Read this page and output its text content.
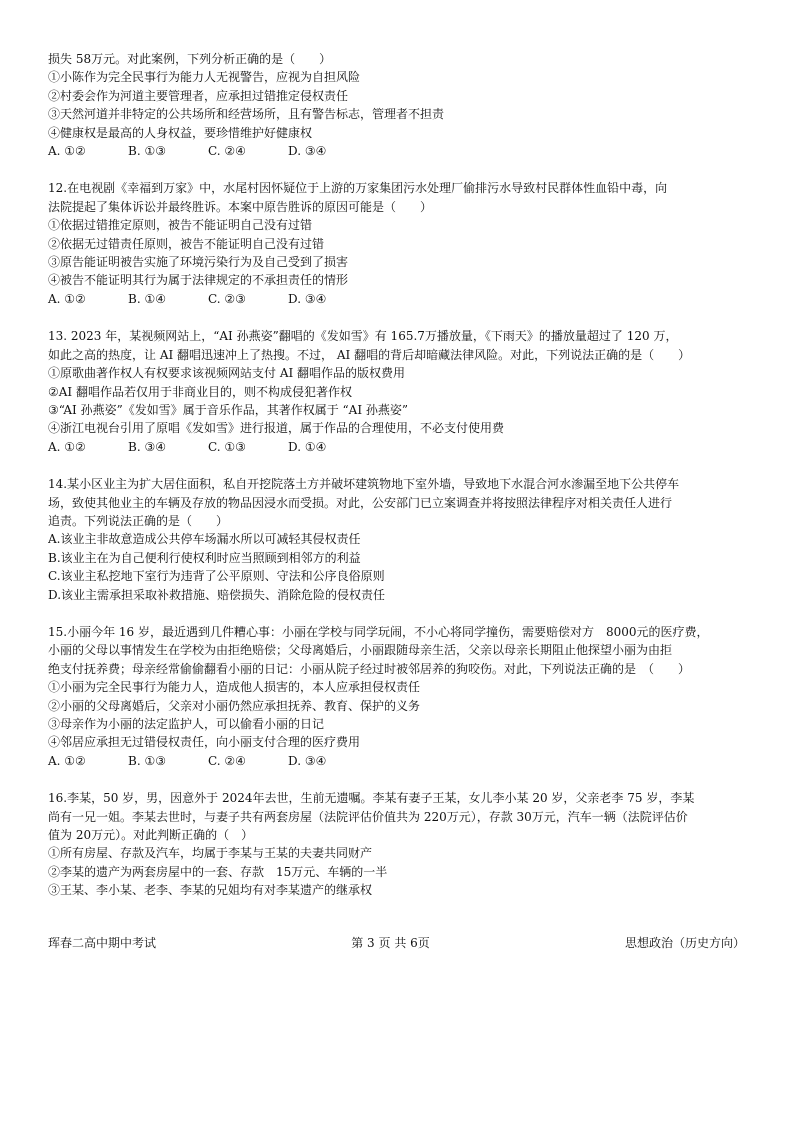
损失 58万元。对此案例，下列分析正确的是（　　）
①小陈作为完全民事行为能力人无视警告，应视为自担风险
②村委会作为河道主要管理者，应承担过错推定侵权责任
③天然河道并非特定的公共场所和经营场所，且有警告标志，管理者不担责
④健康权是最高的人身权益，要珍惜维护好健康权
A. ①②	B. ①③	C. ②④	D. ③④
12.在电视剧《幸福到万家》中，水尾村因怀疑位于上游的万家集团污水处理厂偷排污水导致村民群体性血铅中毒，向
法院提起了集体诉讼并最终胜诉。本案中原告胜诉的原因可能是（　　）
①依据过错推定原则，被告不能证明自己没有过错
②依据无过错责任原则，被告不能证明自己没有过错
③原告能证明被告实施了环境污染行为及自己受到了损害
④被告不能证明其行为属于法律规定的不承担责任的情形
A. ①②	B. ①④	C. ②③	D. ③④
13. 2023 年，某视频网站上，“AI 孙燕姿”翻唱的《发如雪》有 165.7万播放量，《下雨天》的播放量超过了 120 万，
如此之高的热度，让 AI 翻唱迅速冲上了热搜。不过， AI 翻唱的背后却暗藏法律风险。对此，下列说法正确的是（　　）
①原歌曲著作权人有权要求该视频网站支付 AI 翻唱作品的版权费用
②AI 翻唱作品若仅用于非商业目的，则不构成侵犯著作权
③“AI 孙燕姿”《发如雪》属于音乐作品，其著作权属于 “AI 孙燕姿”
④浙江电视台引用了原唱《发如雪》进行报道，属于作品的合理使用，不必支付使用费
A. ①②	B. ③④	C. ①③	D. ①④
14.某小区业主为扩大居住面积，私自开挖院落土方并破坏建筑物地下室外墙，导致地下水混合河水渗漏至地下公共停车
场，致使其他业主的车辆及存放的物品因浸水而受损。对此，公安部门已立案调查并将按照法律程序对相关责任人进行
追责。下列说法正确的是（　　）
A.该业主非故意造成公共停车场漏水所以可减轻其侵权责任
B.该业主在为自己便利行使权利时应当照顾到相邻方的利益
C.该业主私挖地下室行为违背了公平原则、守法和公序良俗原则
D.该业主需承担采取补救措施、赔偿损失、消除危险的侵权责任
15.小丽今年 16 岁，最近遇到几件糟心事：小丽在学校与同学玩闹，不小心将同学撞伤，需要赔偿对方　8000元的医疗费，
小丽的父母以事情发生在学校为由拒绝赔偿；父母离婚后，小丽跟随母亲生活，父亲以母亲长期阻止他探望小丽为由拒
绝支付抚养费；母亲经常偷偷翻看小丽的日记：小丽从院子经过时被邻居养的狗咬伤。对此，下列说法正确的是　（　　）
①小丽为完全民事行为能力人，造成他人损害的，本人应承担侵权责任
②小丽的父母离婚后，父亲对小丽仍然应承担抚养、教育、保护的义务
③母亲作为小丽的法定监护人，可以偷看小丽的日记
④邻居应承担无过错侵权责任，向小丽支付合理的医疗费用
A. ①②	B. ①③	C. ②④	D. ③④
16.李某，50 岁，男，因意外于 2024年去世，生前无遗嘱。李某有妻子王某，女儿李小某 20 岁，父亲老李 75 岁，李某
尚有一兄一姐。李某去世时，与妻子共有两套房屋（法院评估价值共为 220万元），存款 30万元，汽车一辆（法院评估价
值为 20万元）。对此判断正确的（　）
①所有房屋、存款及汽车，均属于李某与王某的夫妻共同财产
②李某的遗产为两套房屋中的一套、存款　15万元、车辆的一半
③王某、李小某、老李、李某的兄姐均有对李某遗产的继承权
珲春二高中期中考试	第 3 页 共 6页	思想政治（历史方向）
